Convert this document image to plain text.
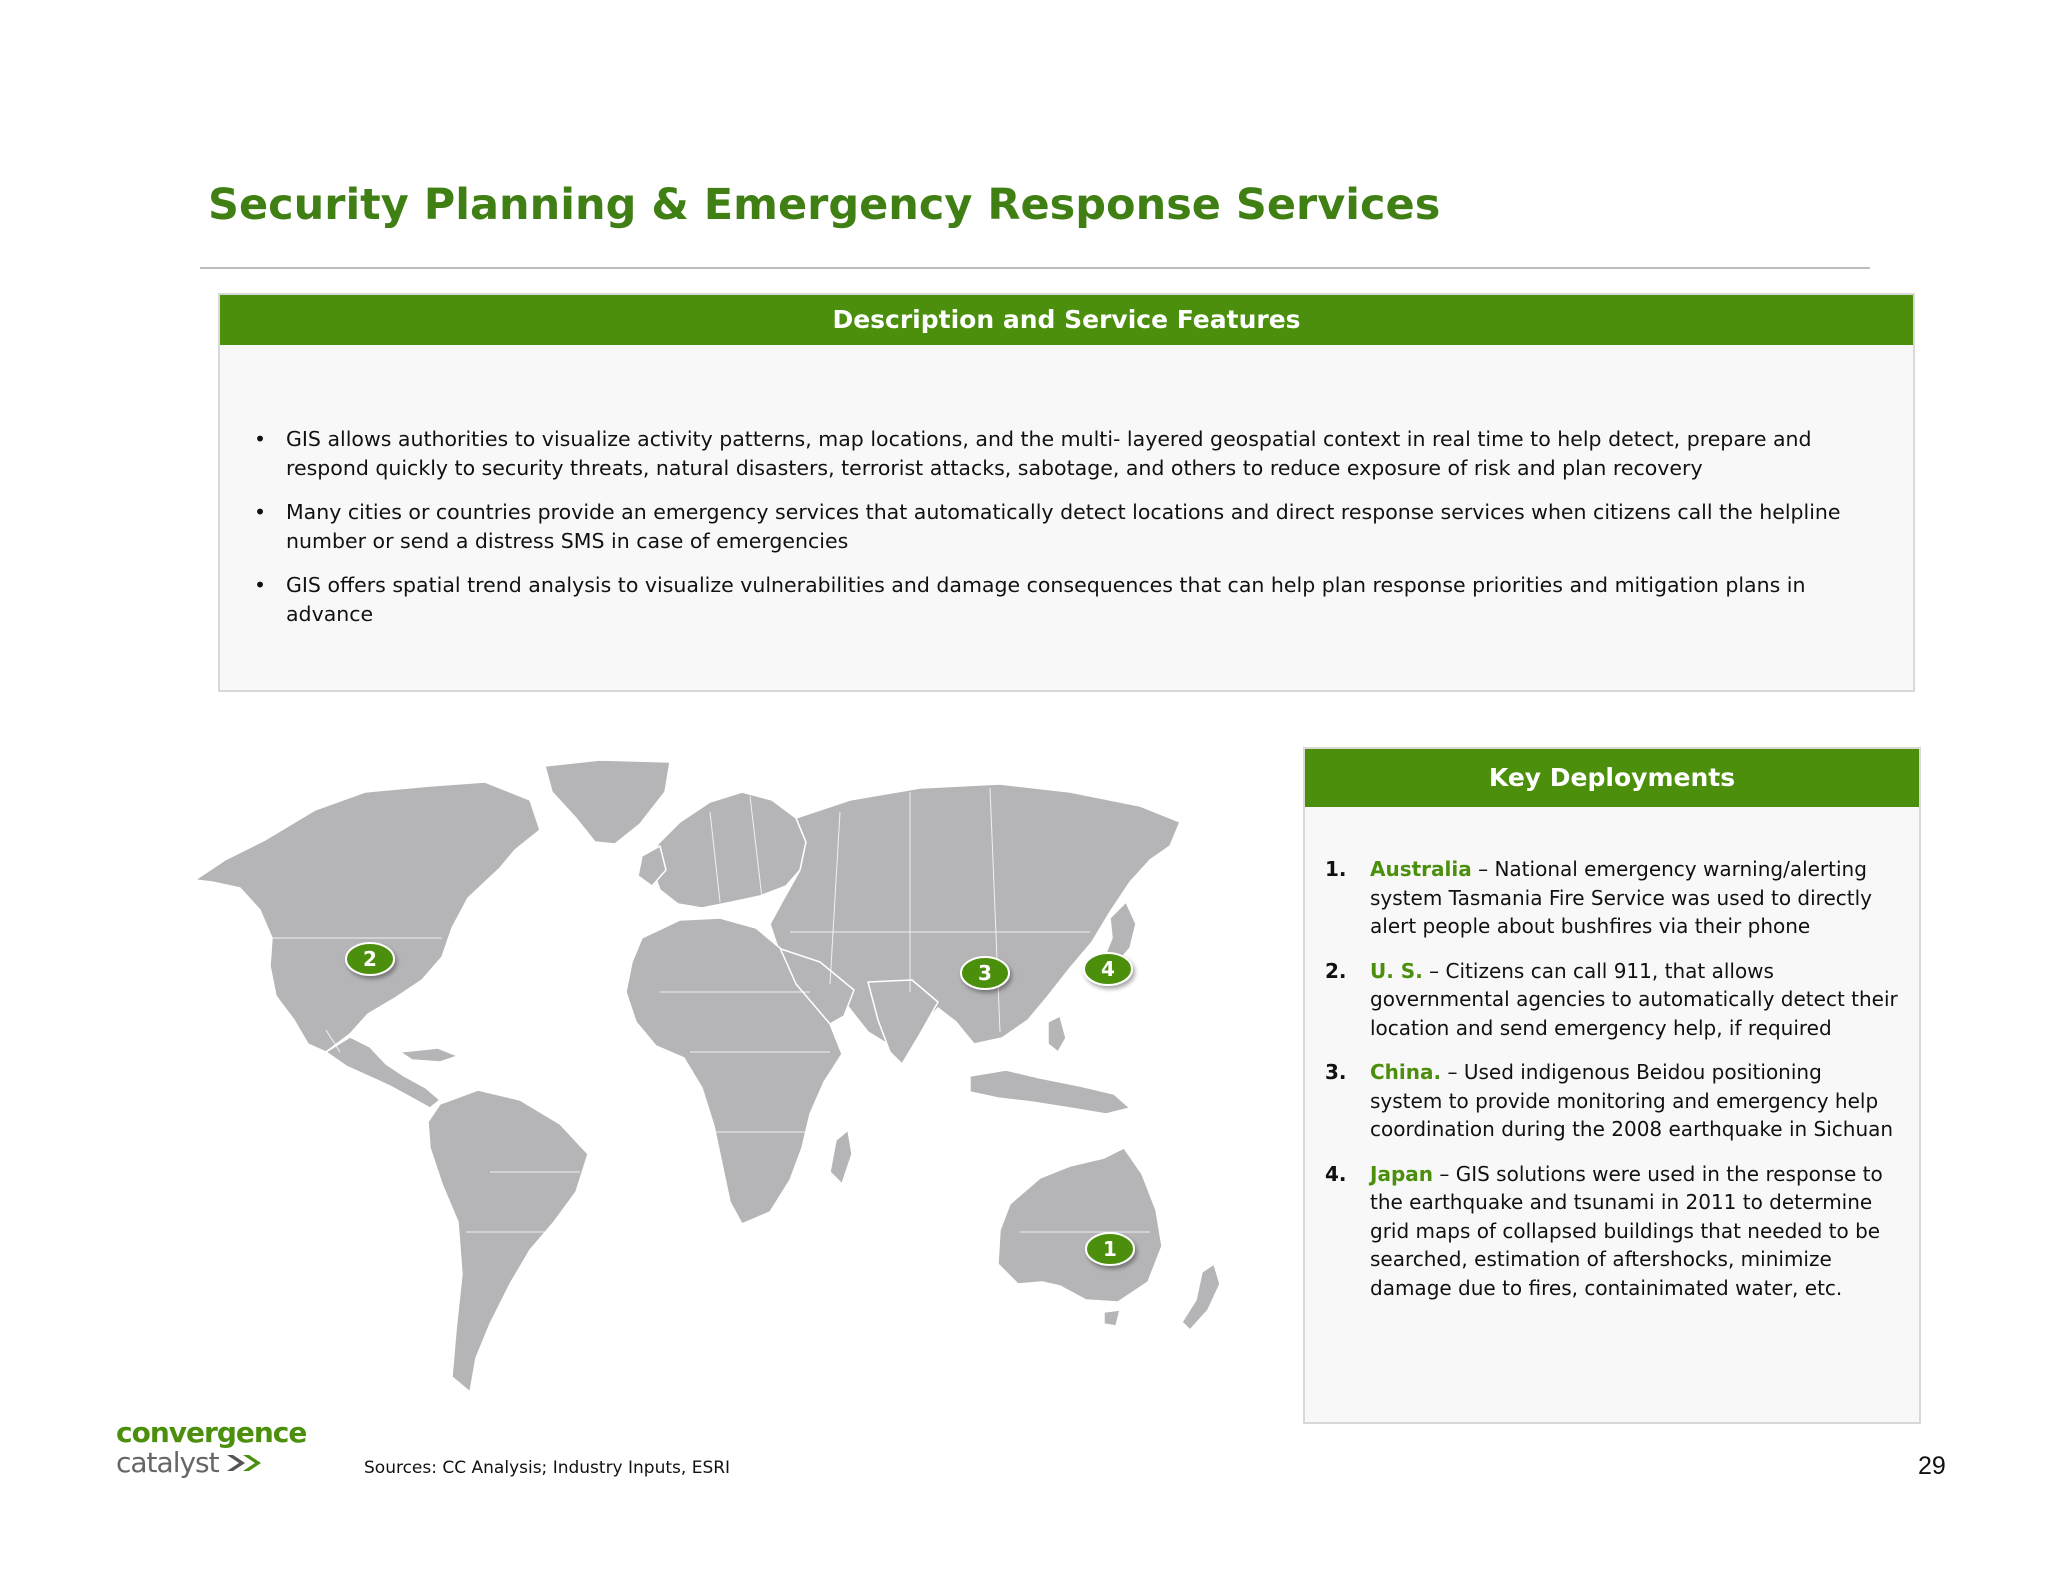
Security Planning & Emergency Response Services
Description and Service Features
• GIS allows authorities to visualize activity patterns, map locations, and the multi- layered geospatial context in real time to help detect, prepare and respond quickly to security threats, natural disasters, terrorist attacks, sabotage, and others to reduce exposure of risk and plan recovery
• Many cities or countries provide an emergency services that automatically detect locations and direct response services when citizens call the helpline number or send a distress SMS in case of emergencies
• GIS offers spatial trend analysis to visualize vulnerabilities and damage consequences that can help plan response priorities and mitigation plans in advance
2
3	4
1
Key Deployments
1. Australia – National emergency warning/alerting system Tasmania Fire Service was used to directly alert people about bushfires via their phone
2. U. S. – Citizens can call 911, that allows governmental agencies to automatically detect their location and send emergency help, if required
3. China. – Used indigenous Beidou positioning system to provide monitoring and emergency help coordination during the 2008 earthquake in Sichuan
4. Japan – GIS solutions were used in the response to the earthquake and tsunami in 2011 to determine grid maps of collapsed buildings that needed to be searched, estimation of aftershocks, minimize damage due to fires, containimated water, etc.
convergence
catalyst	Sources: CC Analysis; Industry Inputs, ESRI	29
